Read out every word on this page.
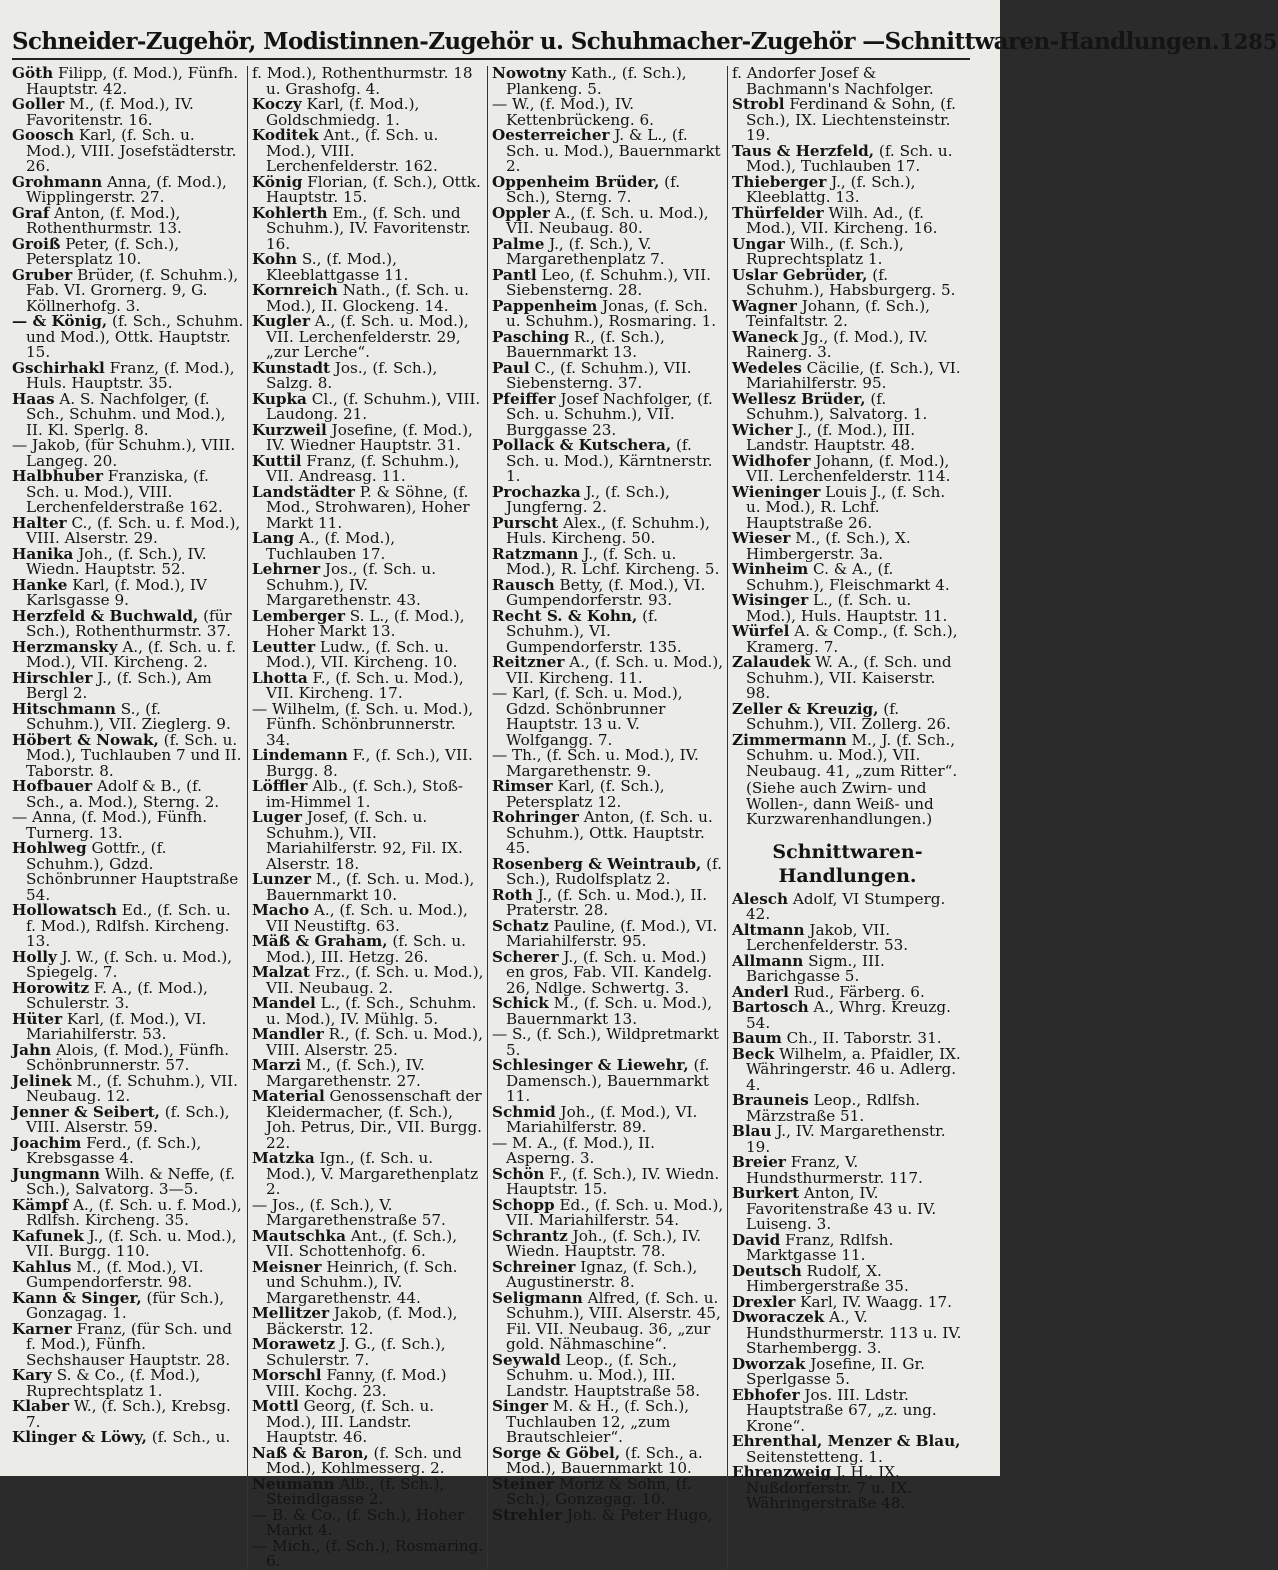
Schneider-Zugehör, Modistinnen-Zugehör u. Schuhmacher-Zugehör —Schnittwaren-Handlungen. 1285

Göth Filipp, (f. Mod.), Fünfh. Hauptstr. 42.

Goller M., (f. Mod.), IV. Favoritenstr. 16.

Goosch Karl, (f. Sch. u. Mod.), VIII. Josefstädterstr. 26.

Grohmann Anna, (f. Mod.), Wipplingerstr. 27.

Graf Anton, (f. Mod.), Rothenthurmstr. 13.

Groiß Peter, (f. Sch.), Petersplatz 10.

Gruber Brüder, (f. Schuhm.), Fab. VI. Grornerg. 9, G. Köllnerhofg. 3.

— & König, (f. Sch., Schuhm. und Mod.), Ottk. Hauptstr. 15.

Gschirhakl Franz, (f. Mod.), Huls. Hauptstr. 35.

Haas A. S. Nachfolger, (f. Sch., Schuhm. und Mod.), II. Kl. Sperlg. 8.

— Jakob, (für Schuhm.), VIII. Langeg. 20.

Halbhuber Franziska, (f. Sch. u. Mod.), VIII. Lerchenfelderstraße 162.

Halter C., (f. Sch. u. f. Mod.), VIII. Alserstr. 29.

Hanika Joh., (f. Sch.), IV. Wiedn. Hauptstr. 52.

Hanke Karl, (f. Mod.), IV Karlsgasse 9.

Herzfeld & Buchwald, (für Sch.), Rothenthurmstr. 37.

Herzmansky A., (f. Sch. u. f. Mod.), VII. Kircheng. 2.

Hirschler J., (f. Sch.), Am Bergl 2.

Hitschmann S., (f. Schuhm.), VII. Zieglerg. 9.

Höbert & Nowak, (f. Sch. u. Mod.), Tuchlauben 7 und II. Taborstr. 8.

Hofbauer Adolf & B., (f. Sch., a. Mod.), Sterng. 2.

— Anna, (f. Mod.), Fünfh. Turnerg. 13.

Hohlweg Gottfr., (f. Schuhm.), Gdzd. Schönbrunner Hauptstraße 54.

Hollowatsch Ed., (f. Sch. u. f. Mod.), Rdlfsh. Kircheng. 13.

Holly J. W., (f. Sch. u. Mod.), Spiegelg. 7.

Horowitz F. A., (f. Mod.), Schulerstr. 3.

Hüter Karl, (f. Mod.), VI. Mariahilferstr. 53.

Jahn Alois, (f. Mod.), Fünfh. Schönbrunnerstr. 57.

Jelinek M., (f. Schuhm.), VII. Neubaug. 12.

Jenner & Seibert, (f. Sch.), VIII. Alserstr. 59.

Joachim Ferd., (f. Sch.), Krebsgasse 4.

Jungmann Wilh. & Neffe, (f. Sch.), Salvatorg. 3—5.

Kämpf A., (f. Sch. u. f. Mod.), Rdlfsh. Kircheng. 35.

Kafunek J., (f. Sch. u. Mod.), VII. Burgg. 110.

Kahlus M., (f. Mod.), VI. Gumpendorferstr. 98.

Kann & Singer, (für Sch.), Gonzagag. 1.

Karner Franz, (für Sch. und f. Mod.), Fünfh. Sechshauser Hauptstr. 28.

Kary S. & Co., (f. Mod.), Ruprechtsplatz 1.

Klaber W., (f. Sch.), Krebsg. 7.

Klinger & Löwy, (f. Sch., u.

f. Mod.), Rothenthurmstr. 18 u. Grashofg. 4.

Koczy Karl, (f. Mod.), Goldschmiedg. 1.

Koditek Ant., (f. Sch. u. Mod.), VIII. Lerchenfelderstr. 162.

König Florian, (f. Sch.), Ottk. Hauptstr. 15.

Kohlerth Em., (f. Sch. und Schuhm.), IV. Favoritenstr. 16.

Kohn S., (f. Mod.), Kleeblattgasse 11.

Kornreich Nath., (f. Sch. u. Mod.), II. Glockeng. 14.

Kugler A., (f. Sch. u. Mod.), VII. Lerchenfelderstr. 29, „zur Lerche“.

Kunstadt Jos., (f. Sch.), Salzg. 8.

Kupka Cl., (f. Schuhm.), VIII. Laudong. 21.

Kurzweil Josefine, (f. Mod.), IV. Wiedner Hauptstr. 31.

Kuttil Franz, (f. Schuhm.), VII. Andreasg. 11.

Landstädter P. & Söhne, (f. Mod., Strohwaren), Hoher Markt 11.

Lang A., (f. Mod.), Tuchlauben 17.

Lehrner Jos., (f. Sch. u. Schuhm.), IV. Margarethenstr. 43.

Lemberger S. L., (f. Mod.), Hoher Markt 13.

Leutter Ludw., (f. Sch. u. Mod.), VII. Kircheng. 10.

Lhotta F., (f. Sch. u. Mod.), VII. Kircheng. 17.

— Wilhelm, (f. Sch. u. Mod.), Fünfh. Schönbrunnerstr. 34.

Lindemann F., (f. Sch.), VII. Burgg. 8.

Löffler Alb., (f. Sch.), Stoß-im-Himmel 1.

Luger Josef, (f. Sch. u. Schuhm.), VII. Mariahilferstr. 92, Fil. IX. Alserstr. 18.

Lunzer M., (f. Sch. u. Mod.), Bauernmarkt 10.

Macho A., (f. Sch. u. Mod.), VII Neustiftg. 63.

Mäß & Graham, (f. Sch. u. Mod.), III. Hetzg. 26.

Malzat Frz., (f. Sch. u. Mod.), VII. Neubaug. 2.

Mandel L., (f. Sch., Schuhm. u. Mod.), IV. Mühlg. 5.

Mandler R., (f. Sch. u. Mod.), VIII. Alserstr. 25.

Marzi M., (f. Sch.), IV. Margarethenstr. 27.

Material Genossenschaft der Kleidermacher, (f. Sch.), Joh. Petrus, Dir., VII. Burgg. 22.

Matzka Ign., (f. Sch. u. Mod.), V. Margarethenplatz 2.

— Jos., (f. Sch.), V. Margarethenstraße 57.

Mautschka Ant., (f. Sch.), VII. Schottenhofg. 6.

Meisner Heinrich, (f. Sch. und Schuhm.), IV. Margarethenstr. 44.

Mellitzer Jakob, (f. Mod.), Bäckerstr. 12.

Morawetz J. G., (f. Sch.), Schulerstr. 7.

Morschl Fanny, (f. Mod.) VIII. Kochg. 23.

Mottl Georg, (f. Sch. u. Mod.), III. Landstr. Hauptstr. 46.

Naß & Baron, (f. Sch. und Mod.), Kohlmesserg. 2.

Neumann Alb., (f. Sch.), Steindlgasse 2.

— B. & Co., (f. Sch.), Hoher Markt 4.

— Mich., (f. Sch.), Rosmaring. 6.

Nowotny Kath., (f. Sch.), Plankeng. 5.

— W., (f. Mod.), IV. Kettenbrückeng. 6.

Oesterreicher J. & L., (f. Sch. u. Mod.), Bauernmarkt 2.

Oppenheim Brüder, (f. Sch.), Sterng. 7.

Oppler A., (f. Sch. u. Mod.), VII. Neubaug. 80.

Palme J., (f. Sch.), V. Margarethenplatz 7.

Pantl Leo, (f. Schuhm.), VII. Siebensterng. 28.

Pappenheim Jonas, (f. Sch. u. Schuhm.), Rosmaring. 1.

Pasching R., (f. Sch.), Bauernmarkt 13.

Paul C., (f. Schuhm.), VII. Siebensterng. 37.

Pfeiffer Josef Nachfolger, (f. Sch. u. Schuhm.), VII. Burggasse 23.

Pollack & Kutschera, (f. Sch. u. Mod.), Kärntnerstr. 1.

Prochazka J., (f. Sch.), Jungferng. 2.

Purscht Alex., (f. Schuhm.), Huls. Kircheng. 50.

Ratzmann J., (f. Sch. u. Mod.), R. Lchf. Kircheng. 5.

Rausch Betty, (f. Mod.), VI. Gumpendorferstr. 93.

Recht S. & Kohn, (f. Schuhm.), VI. Gumpendorferstr. 135.

Reitzner A., (f. Sch. u. Mod.), VII. Kircheng. 11.

— Karl, (f. Sch. u. Mod.), Gdzd. Schönbrunner Hauptstr. 13 u. V. Wolfgangg. 7.

— Th., (f. Sch. u. Mod.), IV. Margarethenstr. 9.

Rimser Karl, (f. Sch.), Petersplatz 12.

Rohringer Anton, (f. Sch. u. Schuhm.), Ottk. Hauptstr. 45.

Rosenberg & Weintraub, (f. Sch.), Rudolfsplatz 2.

Roth J., (f. Sch. u. Mod.), II. Praterstr. 28.

Schatz Pauline, (f. Mod.), VI. Mariahilferstr. 95.

Scherer J., (f. Sch. u. Mod.) en gros, Fab. VII. Kandelg. 26, Ndlge. Schwertg. 3.

Schick M., (f. Sch. u. Mod.), Bauernmarkt 13.

— S., (f. Sch.), Wildpretmarkt 5.

Schlesinger & Liewehr, (f. Damensch.), Bauernmarkt 11.

Schmid Joh., (f. Mod.), VI. Mariahilferstr. 89.

— M. A., (f. Mod.), II. Asperng. 3.

Schön F., (f. Sch.), IV. Wiedn. Hauptstr. 15.

Schopp Ed., (f. Sch. u. Mod.), VII. Mariahilferstr. 54.

Schrantz Joh., (f. Sch.), IV. Wiedn. Hauptstr. 78.

Schreiner Ignaz, (f. Sch.), Augustinerstr. 8.

Seligmann Alfred, (f. Sch. u. Schuhm.), VIII. Alserstr. 45, Fil. VII. Neubaug. 36, „zur gold. Nähmaschine“.

Seywald Leop., (f. Sch., Schuhm. u. Mod.), III. Landstr. Hauptstraße 58.

Singer M. & H., (f. Sch.), Tuchlauben 12, „zum Brautschleier“.

Sorge & Göbel, (f. Sch., a. Mod.), Bauernmarkt 10.

Steiner Moriz & Sohn, (f. Sch.), Gonzagag. 10.

Strehler Joh. & Peter Hugo,

f. Andorfer Josef & Bachmann's Nachfolger.

Strobl Ferdinand & Sohn, (f. Sch.), IX. Liechtensteinstr. 19.

Taus & Herzfeld, (f. Sch. u. Mod.), Tuchlauben 17.

Thieberger J., (f. Sch.), Kleeblattg. 13.

Thürfelder Wilh. Ad., (f. Mod.), VII. Kircheng. 16.

Ungar Wilh., (f. Sch.), Ruprechtsplatz 1.

Uslar Gebrüder, (f. Schuhm.), Habsburgerg. 5.

Wagner Johann, (f. Sch.), Teinfaltstr. 2.

Waneck Jg., (f. Mod.), IV. Rainerg. 3.

Wedeles Cäcilie, (f. Sch.), VI. Mariahilferstr. 95.

Wellesz Brüder, (f. Schuhm.), Salvatorg. 1.

Wicher J., (f. Mod.), III. Landstr. Hauptstr. 48.

Widhofer Johann, (f. Mod.), VII. Lerchenfelderstr. 114.

Wieninger Louis J., (f. Sch. u. Mod.), R. Lchf. Hauptstraße 26.

Wieser M., (f. Sch.), X. Himbergerstr. 3a.

Winheim C. & A., (f. Schuhm.), Fleischmarkt 4.

Wisinger L., (f. Sch. u. Mod.), Huls. Hauptstr. 11.

Würfel A. & Comp., (f. Sch.), Kramerg. 7.

Zalaudek W. A., (f. Sch. und Schuhm.), VII. Kaiserstr. 98.

Zeller & Kreuzig, (f. Schuhm.), VII. Zollerg. 26.

Zimmermann M., J. (f. Sch., Schuhm. u. Mod.), VII. Neubaug. 41, „zum Ritter“.

(Siehe auch Zwirn- und Wollen-, dann Weiß- und Kurzwarenhandlungen.)
Schnittwaren-
Handlungen.

Alesch Adolf, VI Stumperg. 42.

Altmann Jakob, VII. Lerchenfelderstr. 53.

Allmann Sigm., III. Barichgasse 5.

Anderl Rud., Färberg. 6.

Bartosch A., Whrg. Kreuzg. 54.

Baum Ch., II. Taborstr. 31.

Beck Wilhelm, a. Pfaidler, IX. Währingerstr. 46 u. Adlerg. 4.

Brauneis Leop., Rdlfsh. Märzstraße 51.

Blau J., IV. Margarethenstr. 19.

Breier Franz, V. Hundsthurmerstr. 117.

Burkert Anton, IV. Favoritenstraße 43 u. IV. Luiseng. 3.

David Franz, Rdlfsh. Marktgasse 11.

Deutsch Rudolf, X. Himbergerstraße 35.

Drexler Karl, IV. Waagg. 17.

Dworaczek A., V. Hundsthurmerstr. 113 u. IV. Starhembergg. 3.

Dworzak Josefine, II. Gr. Sperlgasse 5.

Ebhofer Jos. III. Ldstr. Hauptstraße 67, „z. ung. Krone“.

Ehrenthal, Menzer & Blau, Seitenstetteng. 1.

Ehrenzweig J. H., IX. Nußdorferstr. 7 u. IX. Währingerstraße 48.
